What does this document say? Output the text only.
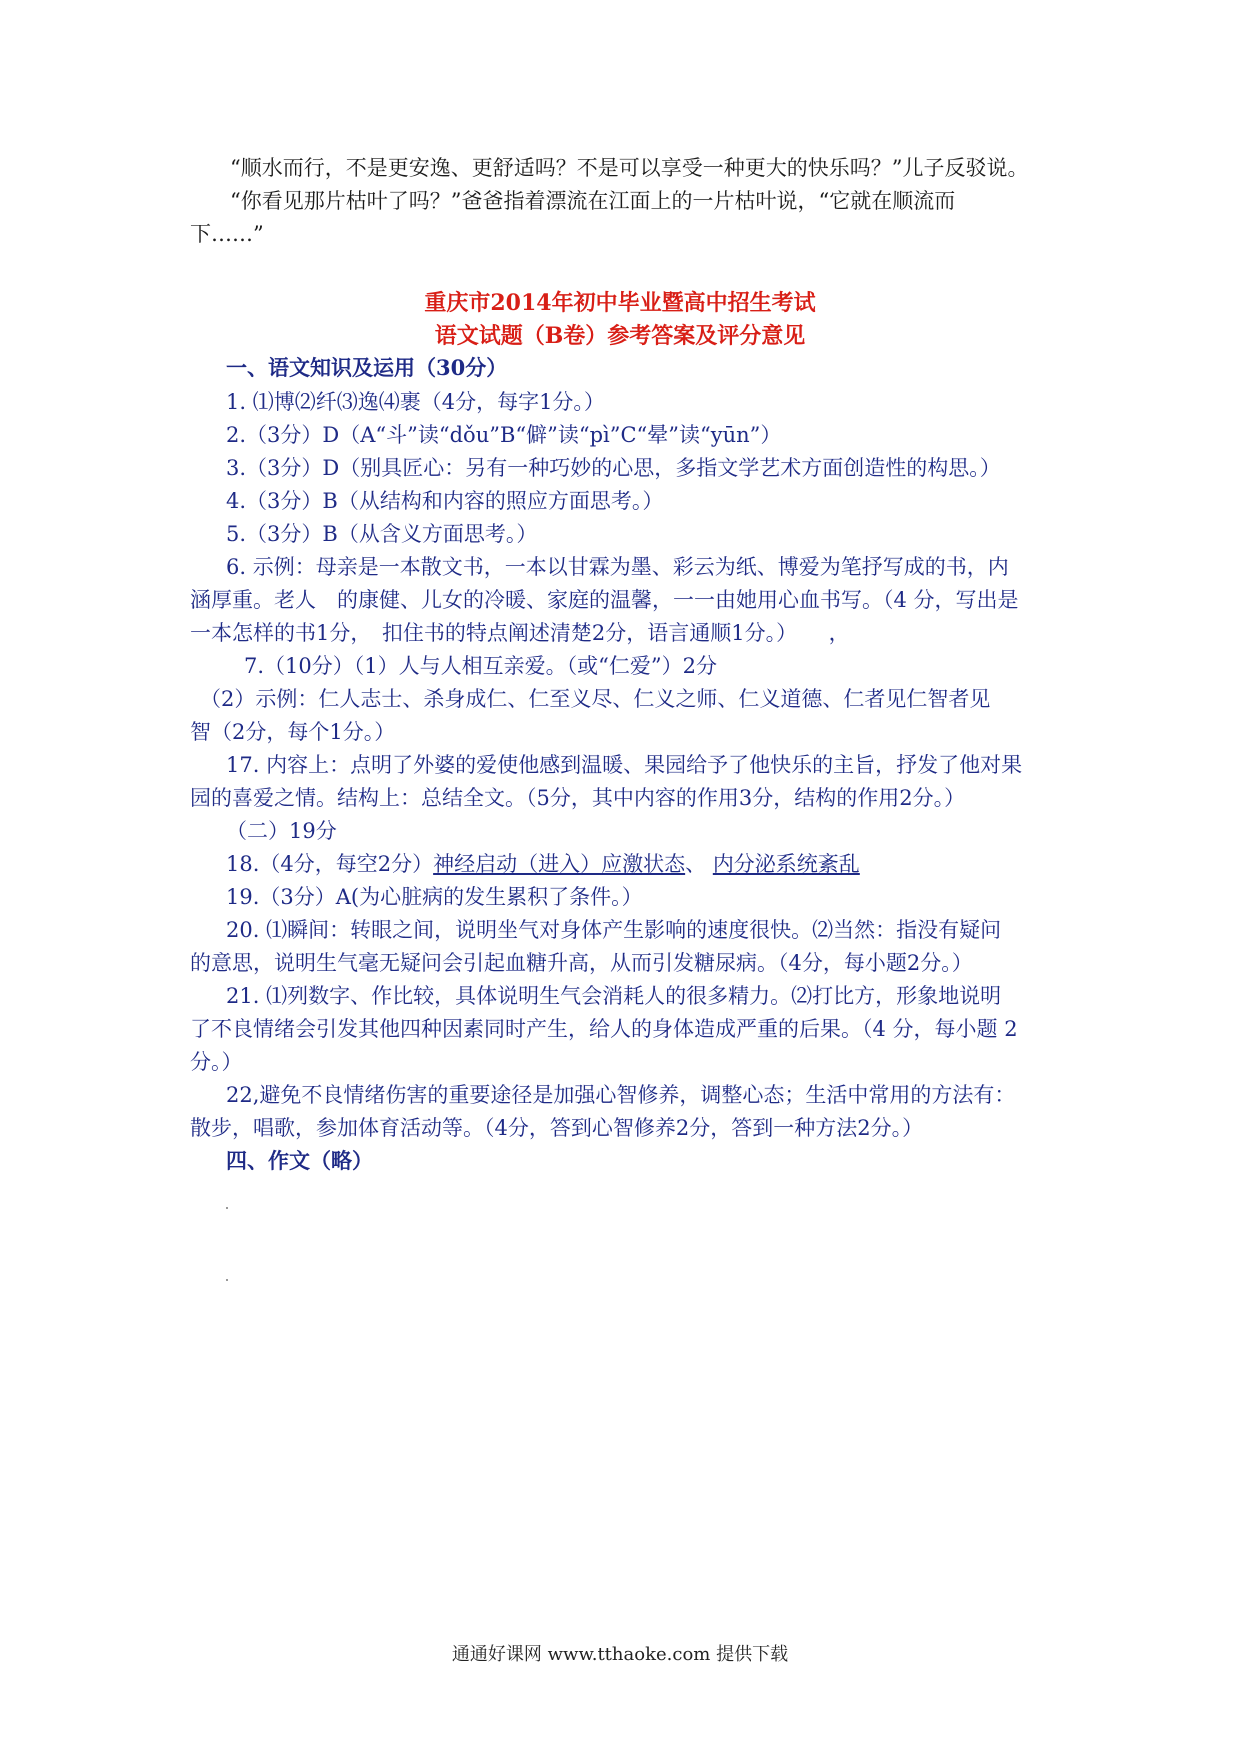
“顺水而行，不是更安逸、更舒适吗？不是可以享受一种更大的快乐吗？”儿子反驳说。
“你看见那片枯叶了吗？”爸爸指着漂流在江面上的一片枯叶说，“它就在顺流而
下……”
重庆市2014年初中毕业暨高中招生考试
语文试题（B卷）参考答案及评分意见
一、语文知识及运用（30分）
1. ⑴博⑵纤⑶逸⑷裹（4分，每字1分。）
2.（3分）D（A“斗”读“dǒu”B“僻”读“pì”C“晕”读“yūn”）
3.（3分）D（别具匠心：另有一种巧妙的心思，多指文学艺术方面创造性的构思。）
4.（3分）B（从结构和内容的照应方面思考。）
5.（3分）B（从含义方面思考。）
6. 示例：母亲是一本散文书，一本以甘霖为墨、彩云为纸、博爱为笔抒写成的书，内
涵厚重。老人　的康健、儿女的冷暖、家庭的温馨，一一由她用心血书写。（4 分，写出是
一本怎样的书1分，　扣住书的特点阐述清楚2分，语言通顺1分。）　　，
7.（10分）（1）人与人相互亲爱。（或“仁爱”）2分
（2）示例：仁人志士、杀身成仁、仁至义尽、仁义之师、仁义道德、仁者见仁智者见
智（2分，每个1分。）
17. 内容上：点明了外婆的爱使他感到温暖、果园给予了他快乐的主旨，抒发了他对果
园的喜爱之情。结构上：总结全文。（5分，其中内容的作用3分，结构的作用2分。）
（二）19分
18.（4分，每空2分）神经启动（进入）应激状态、 内分泌系统紊乱
19.（3分）A(为心脏病的发生累积了条件。）
20. ⑴瞬间：转眼之间，说明坐气对身体产生影响的速度很快。⑵当然：指没有疑问
的意思，说明生气毫无疑问会引起血糖升高，从而引发糖尿病。（4分，每小题2分。）
21. ⑴列数字、作比较，具体说明生气会消耗人的很多精力。⑵打比方，形象地说明
了不良情绪会引发其他四种因素同时产生，给人的身体造成严重的后果。（4 分，每小题 2
分。）
22,避免不良情绪伤害的重要途径是加强心智修养，调整心态；生活中常用的方法有：
散步，唱歌，参加体育活动等。（4分，答到心智修养2分，答到一种方法2分。）
四、作文（略）
通通好课网 www.tthaoke.com 提供下载
